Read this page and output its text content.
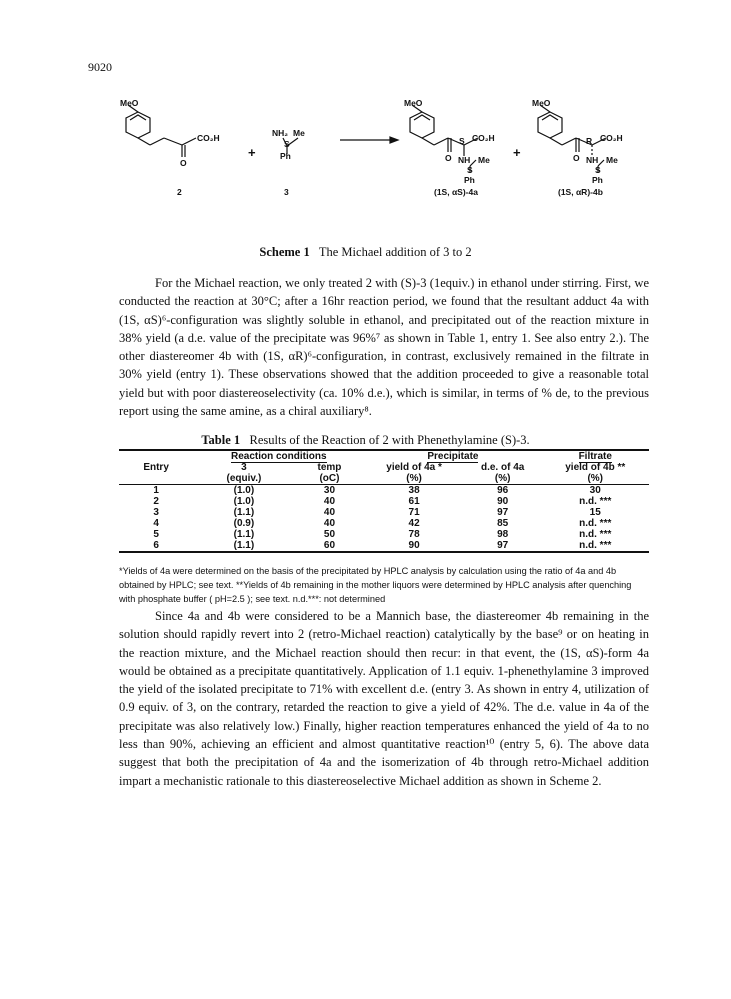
9020
MeO
CO₂H
O
+
NH₂ Me
S
Ph
MeO
S CO₂H
O NH Me
S
Ph
+
MeO
R CO₂H
O NH Me
S
Ph
2	3	(1S, αS)-4a	(1S, αR)-4b
Scheme 1 The Michael addition of 3 to 2

For the Michael reaction, we only treated 2 with (S)-3 (1equiv.) in ethanol under stirring. First, we conducted the reaction at 30°C; after a 16hr reaction period, we found that the resultant adduct 4a with (1S, αS)⁶-configuration was slightly soluble in ethanol, and precipitated out of the reaction mixture in 38% yield (a d.e. value of the precipitate was 96%⁷ as shown in Table 1, entry 1. See also entry 2.). The other diastereomer 4b with (1S, αR)⁶-configuration, in contrast, exclusively remained in the filtrate in 30% yield (entry 1). These observations showed that the addition proceeded to give a reasonable total yield but with poor diastereoselectivity (ca. 10% d.e.), which is similar, in terms of % de, to the previous report using the same amine, as a chiral auxiliary⁸.

Table 1 Results of the Reaction of 2 with Phenethylamine (S)-3.
	Reaction conditions		Precipitate		Filtrate
Entry	3	temp	yield of 4a *	d.e. of 4a	yield of 4b **
	(equiv.)	(oC)	(%)	(%)	(%)
1	(1.0)	30	38	96	30
2	(1.0)	40	61	90	n.d. ***
3	(1.1)	40	71	97	15
4	(0.9)	40	42	85	n.d. ***
5	(1.1)	50	78	98	n.d. ***
6	(1.1)	60	90	97	n.d. ***
*Yields of 4a were determined on the basis of the precipitated by HPLC analysis by calculation using the ratio of 4a and 4b obtained by HPLC; see text. **Yields of 4b remaining in the mother liquors were determined by HPLC analysis after quenching with phosphate buffer ( pH=2.5 ); see text. n.d.***: not determined

Since 4a and 4b were considered to be a Mannich base, the diastereomer 4b remaining in the solution should rapidly revert into 2 (retro-Michael reaction) catalytically by the base⁹ or on heating in the reaction mixture, and the Michael reaction should then recur: in that event, the (1S, αS)-form 4a would be obtained as a precipitate quantitatively. Application of 1.1 equiv. 1-phenethylamine 3 improved the yield of the isolated precipitate to 71% with excellent d.e. (entry 3. As shown in entry 4, utilization of 0.9 equiv. of 3, on the contrary, retarded the reaction to give a yield of 42%. The d.e. value in 4a of the precipitate was also relatively low.) Finally, higher reaction temperatures enhanced the yield of 4a to no less than 90%, achieving an efficient and almost quantitative reaction¹⁰ (entry 5, 6). The above data suggest that both the precipitation of 4a and the isomerization of 4b through retro-Michael addition impart a mechanistic rationale to this diastereoselective Michael addition as shown in Scheme 2.
